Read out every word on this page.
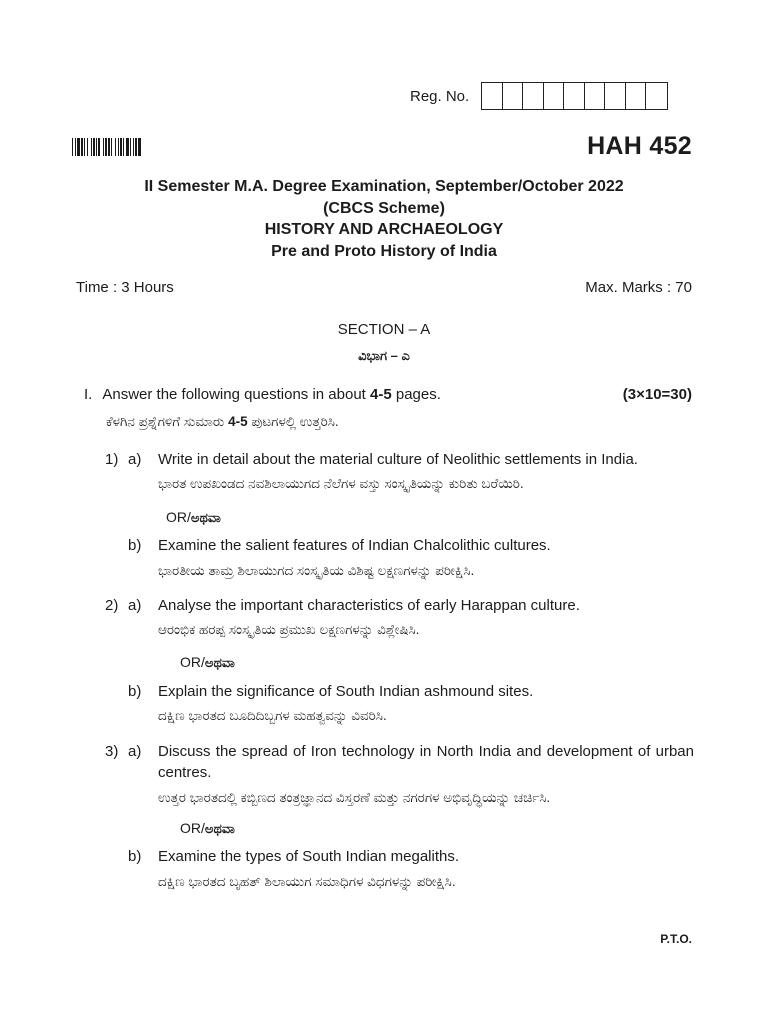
Reg. No.
HAH 452
II Semester M.A. Degree Examination, September/October 2022
(CBCS Scheme)
HISTORY AND ARCHAEOLOGY
Pre and Proto History of India
Time : 3 Hours	Max. Marks : 70
SECTION – A
ವಿಭಾಗ – ಎ
I. Answer the following questions in about 4-5 pages.	(3×10=30)
ಕೆಳಗಿನ ಪ್ರಶ್ನೆಗಳಿಗೆ ಸುಮಾರು 4-5 ಪುಟಗಳಲ್ಲಿ ಉತ್ತರಿಸಿ.
1) a) Write in detail about the material culture of Neolithic settlements in India.
ಭಾರತ ಉಪಖಂಡದ ನವಶಿಲಾಯುಗದ ನೆಲೆಗಳ ವಸ್ತು ಸಂಸ್ಕೃತಿಯನ್ನು ಕುರಿತು ಬರೆಯಿರಿ.
OR/ಅಥವಾ
b) Examine the salient features of Indian Chalcolithic cultures.
ಭಾರತೀಯ ತಾಮ್ರ ಶಿಲಾಯುಗದ ಸಂಸ್ಕೃತಿಯ ವಿಶಿಷ್ಟ ಲಕ್ಷಣಗಳನ್ನು ಪರೀಕ್ಷಿಸಿ.
2) a) Analyse the important characteristics of early Harappan culture.
ಆರಂಭಿಕ ಹರಪ್ಪ ಸಂಸ್ಕೃತಿಯ ಪ್ರಮುಖ ಲಕ್ಷಣಗಳನ್ನು ವಿಶ್ಲೇಷಿಸಿ.
OR/ಅಥವಾ
b) Explain the significance of South Indian ashmound sites.
ದಕ್ಷಿಣ ಭಾರತದ ಬೂದಿದಿಬ್ಬಗಳ ಮಹತ್ವವನ್ನು ವಿವರಿಸಿ.
3) a) Discuss the spread of Iron technology in North India and development of urban centres.
ಉತ್ತರ ಭಾರತದಲ್ಲಿ ಕಬ್ಬಿಣದ ತಂತ್ರಜ್ಞಾನದ ವಿಸ್ತರಣೆ ಮತ್ತು ನಗರಗಳ ಅಭಿವೃದ್ಧಿಯನ್ನು ಚರ್ಚಿಸಿ.
OR/ಅಥವಾ
b) Examine the types of South Indian megaliths.
ದಕ್ಷಿಣ ಭಾರತದ ಬೃಹತ್ ಶಿಲಾಯುಗ ಸಮಾಧಿಗಳ ವಿಧಗಳನ್ನು ಪರೀಕ್ಷಿಸಿ.
P.T.O.
